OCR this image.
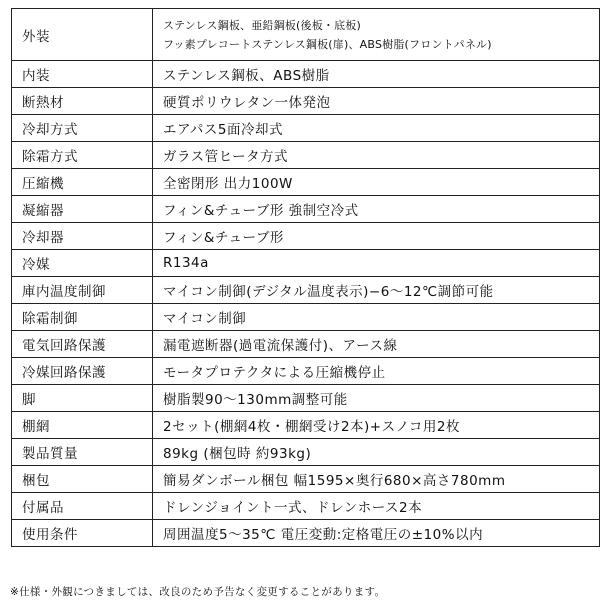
外装	ステンレス鋼板、亜鉛鋼板(後板・底板)
フッ素プレコートステンレス鋼板(扉)、ABS樹脂(フロントパネル)

内装	ステンレス鋼板、ABS樹脂
断熱材	硬質ポリウレタン一体発泡
冷却方式	エアパス5面冷却式
除霜方式	ガラス管ヒータ方式
圧縮機	全密閉形 出力100W
凝縮器	フィン&チューブ形 強制空冷式
冷却器	フィン&チューブ形
冷媒	R134a
庫内温度制御	マイコン制御(デジタル温度表示)−6〜12℃調節可能
除霜制御	マイコン制御
電気回路保護	漏電遮断器(過電流保護付)、アース線
冷媒回路保護	モータプロテクタによる圧縮機停止
脚	樹脂製90〜130mm調整可能
棚網	2セット(棚網4枚・棚網受け2本)+スノコ用2枚
製品質量	89kg (梱包時 約93kg)
梱包	簡易ダンボール梱包 幅1595×奥行680×高さ780mm
付属品	ドレンジョイント一式、ドレンホース2本
使用条件	周囲温度5〜35℃ 電圧変動:定格電圧の±10%以内
※仕様・外観につきましては、改良のため予告なく変更することがあります。
